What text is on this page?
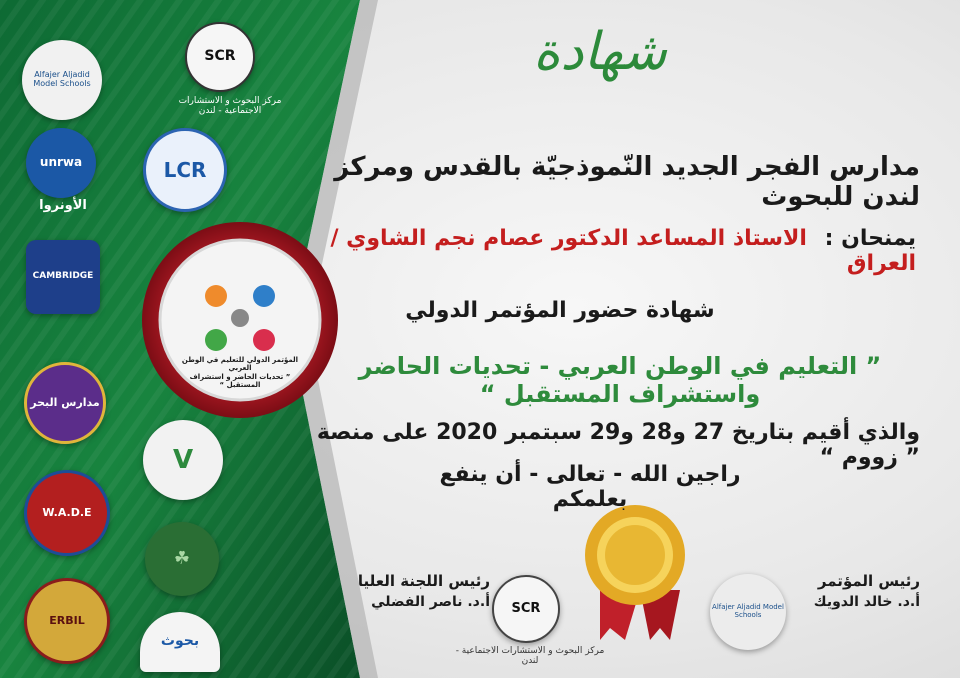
Alfajer Aljadid Model Schools
SCR
مركز البحوث و الاستشارات الاجتماعية - لندن
unrwa
الأونروا
LCR
CAMBRIDGE
مدارس البحر
W.A.D.E
ERBIL
V
☘
بحوث
المؤتمر الدولي للتعليم في الوطن العربي
” تحديات الحاضر و استشراف المستقبل “
شهادة
مدارس الفجر الجديد النّموذجيّة بالقدس ومركز لندن للبحوث
يمنحان : الاستاذ المساعد الدكتور عصام نجم الشاوي / العراق
شهادة حضور المؤتمر الدولي
” التعليم في الوطن العربي - تحديات الحاضر واستشراف المستقبل “
والذي أقيم بتاريخ 27 و28 و29 سبتمبر 2020 على منصة ” زووم “
راجين الله - تعالى - أن ينفع بعلمكم
رئيس اللجنة العليا
أ.د. ناصر الفضلي
رئيس المؤتمر
أ.د. خالد الدويك
SCR
مركز البحوث و الاستشارات الاجتماعية - لندن
Alfajer Aljadid Model Schools
